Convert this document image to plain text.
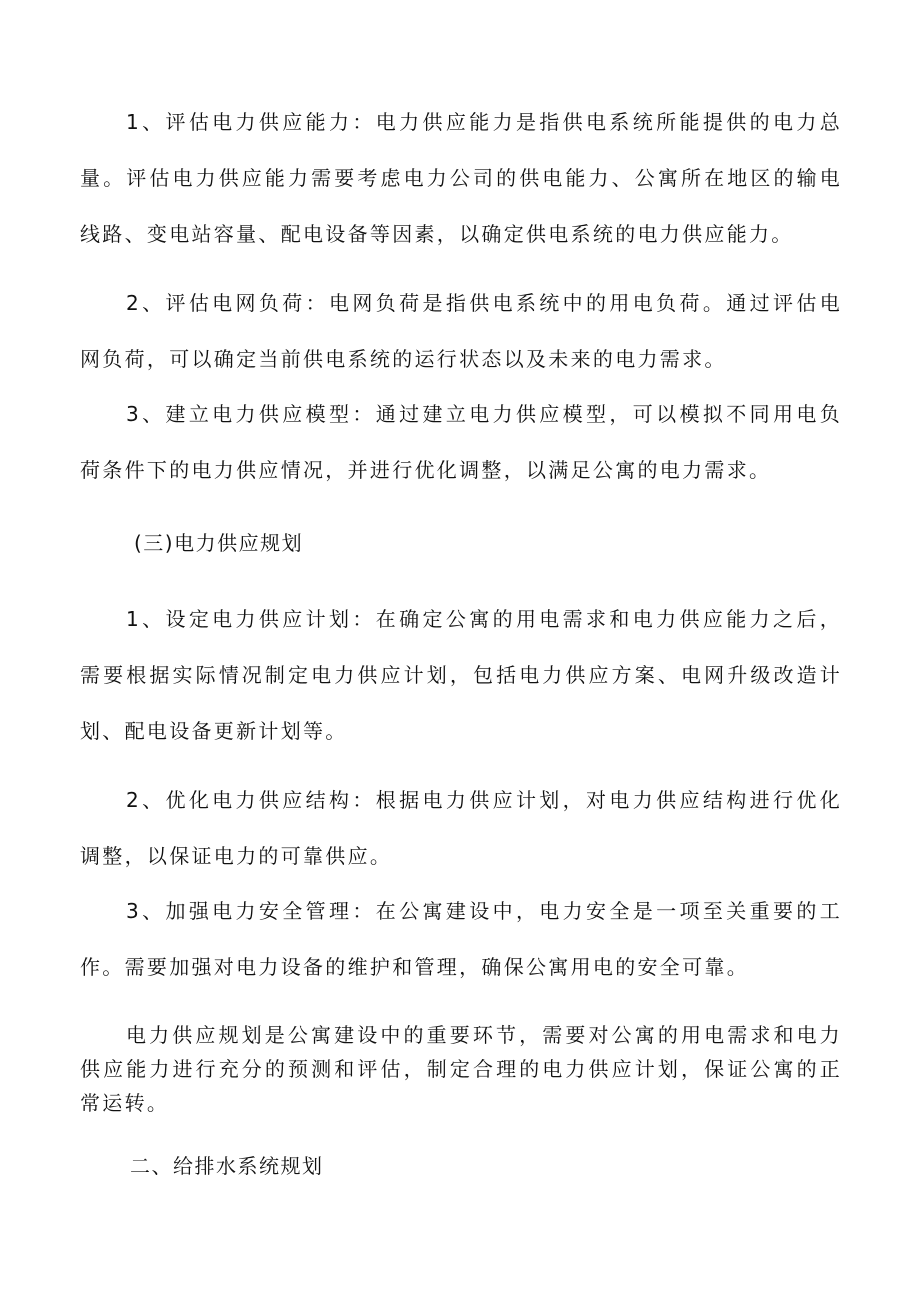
1、评估电力供应能力：电力供应能力是指供电系统所能提供的电力总
量。评估电力供应能力需要考虑电力公司的供电能力、公寓所在地区的输电
线路、变电站容量、配电设备等因素，以确定供电系统的电力供应能力。
2、评估电网负荷：电网负荷是指供电系统中的用电负荷。通过评估电
网负荷，可以确定当前供电系统的运行状态以及未来的电力需求。
3、建立电力供应模型：通过建立电力供应模型，可以模拟不同用电负
荷条件下的电力供应情况，并进行优化调整，以满足公寓的电力需求。
(三)电力供应规划
1、设定电力供应计划：在确定公寓的用电需求和电力供应能力之后，
需要根据实际情况制定电力供应计划，包括电力供应方案、电网升级改造计
划、配电设备更新计划等。
2、优化电力供应结构：根据电力供应计划，对电力供应结构进行优化
调整，以保证电力的可靠供应。
3、加强电力安全管理：在公寓建设中，电力安全是一项至关重要的工
作。需要加强对电力设备的维护和管理，确保公寓用电的安全可靠。
电力供应规划是公寓建设中的重要环节，需要对公寓的用电需求和电力
供应能力进行充分的预测和评估，制定合理的电力供应计划，保证公寓的正
常运转。
二、给排水系统规划
